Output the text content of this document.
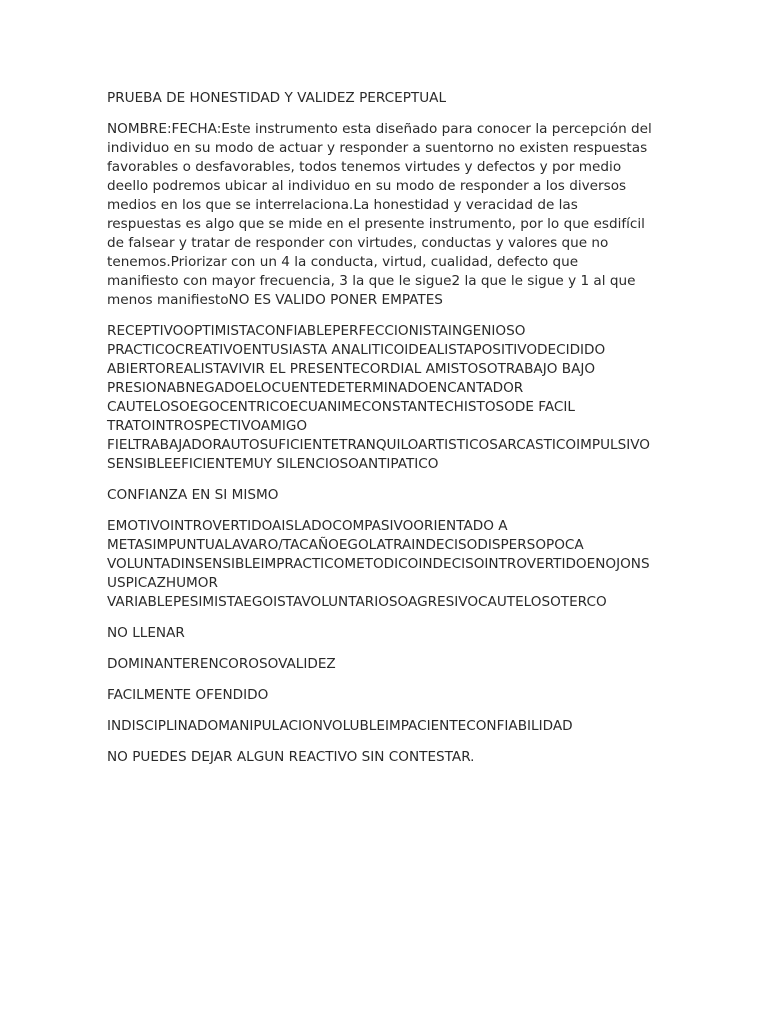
PRUEBA DE HONESTIDAD Y VALIDEZ PERCEPTUAL

NOMBRE:FECHA:Este instrumento esta diseñado para conocer la percepción del
individuo en su modo de actuar y responder a suentorno no existen respuestas
favorables o desfavorables, todos tenemos virtudes y defectos y por medio
deello podremos ubicar al individuo en su modo de responder a los diversos
medios en los que se interrelaciona.La honestidad y veracidad de las
respuestas es algo que se mide en el presente instrumento, por lo que esdifícil
de falsear y tratar de responder con virtudes, conductas y valores que no
tenemos.Priorizar con un 4 la conducta, virtud, cualidad, defecto que
manifiesto con mayor frecuencia, 3 la que le sigue2 la que le sigue y 1 al que
menos manifiestoNO ES VALIDO PONER EMPATES

RECEPTIVOOPTIMISTACONFIABLEPERFECCIONISTAINGENIOSO
PRACTICOCREATIVOENTUSIASTA ANALITICOIDEALISTAPOSITIVODECIDIDO
ABIERTOREALISTAVIVIR EL PRESENTECORDIAL AMISTOSOTRABAJO BAJO
PRESIONABNEGADOELOCUENTEDETERMINADOENCANTADOR
CAUTELOSOEGOCENTRICOECUANIMECONSTANTECHISTOSODE FACIL
TRATOINTROSPECTIVOAMIGO
FIELTRABAJADORAUTOSUFICIENTETRANQUILOARTISTICOSARCASTICOIMPULSIVO
SENSIBLEEFICIENTEMUY SILENCIOSOANTIPATICO

CONFIANZA EN SI MISMO

EMOTIVOINTROVERTIDOAISLADOCOMPASIVOORIENTADO A
METASIMPUNTUALAVARO/TACAÑOEGOLATRAINDECISODISPERSOPOCA
VOLUNTADINSENSIBLEIMPRACTICOMETODICOINDECISOINTROVERTIDOENOJONS
USPICAZHUMOR
VARIABLEPESIMISTAEGOISTAVOLUNTARIOSOAGRESIVOCAUTELOSOTERCO

NO LLENAR

DOMINANTERENCOROSOVALIDEZ

FACILMENTE OFENDIDO

INDISCIPLINADOMANIPULACIONVOLUBLEIMPACIENTECONFIABILIDAD

NO PUEDES DEJAR ALGUN REACTIVO SIN CONTESTAR.
